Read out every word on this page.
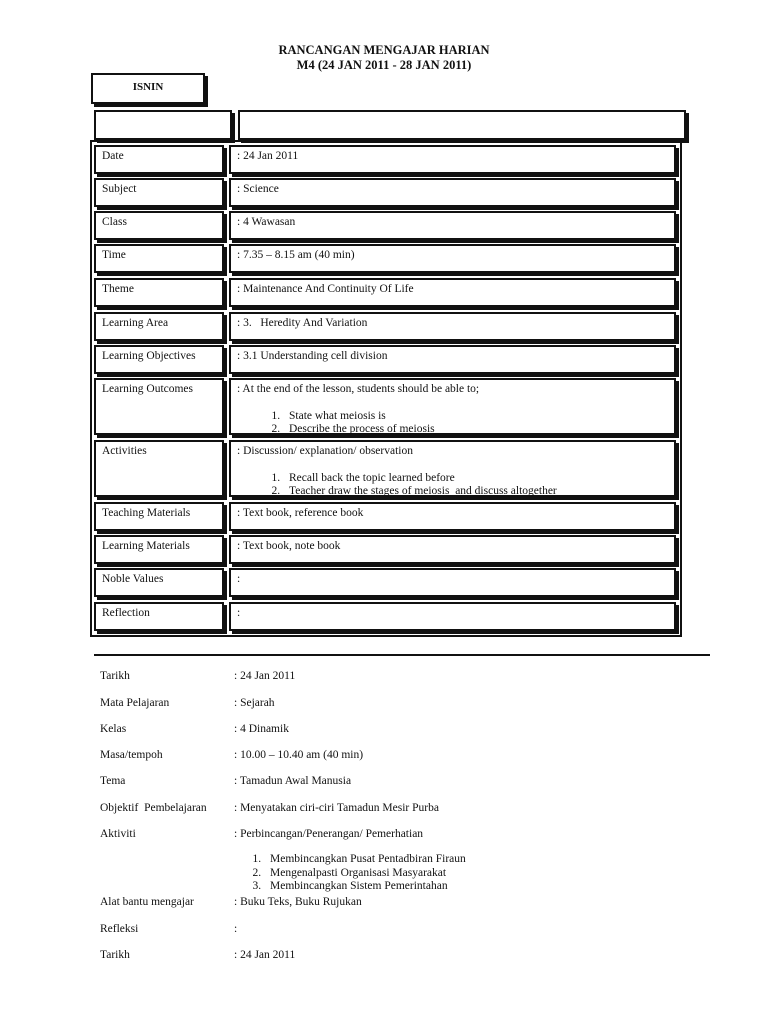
RANCANGAN MENGAJAR HARIAN
M4 (24 JAN 2011 - 28 JAN 2011)
ISNIN
Date	: 24 Jan 2011
Subject	: Science
Class	: 4 Wawasan
Time	: 7.35 – 8.15 am (40 min)
Theme	: Maintenance And Continuity Of Life
Learning Area	: 3.   Heredity And Variation
Learning Objectives	: 3.1 Understanding cell division
Learning Outcomes	: At the end of the lesson, students should be able to;
1. State what meiosis is
2. Describe the process of meiosis
Activities	: Discussion/ explanation/ observation
1. Recall back the topic learned before
2. Teacher draw the stages of meiosis  and discuss altogether
Teaching Materials	: Text book, reference book
Learning Materials	: Text book, note book
Noble Values	:
Reflection	:
Tarikh	: 24 Jan 2011
Mata Pelajaran	: Sejarah
Kelas	: 4 Dinamik
Masa/tempoh	: 10.00 – 10.40 am (40 min)
Tema	: Tamadun Awal Manusia
Objektif  Pembelajaran : Menyatakan ciri-ciri Tamadun Mesir Purba
Aktiviti	: Perbincangan/Penerangan/ Pemerhatian
1. Membincangkan Pusat Pentadbiran Firaun
2. Mengenalpasti Organisasi Masyarakat
3. Membincangkan Sistem Pemerintahan
Alat bantu mengajar	: Buku Teks, Buku Rujukan
Refleksi	:
Tarikh	: 24 Jan 2011
